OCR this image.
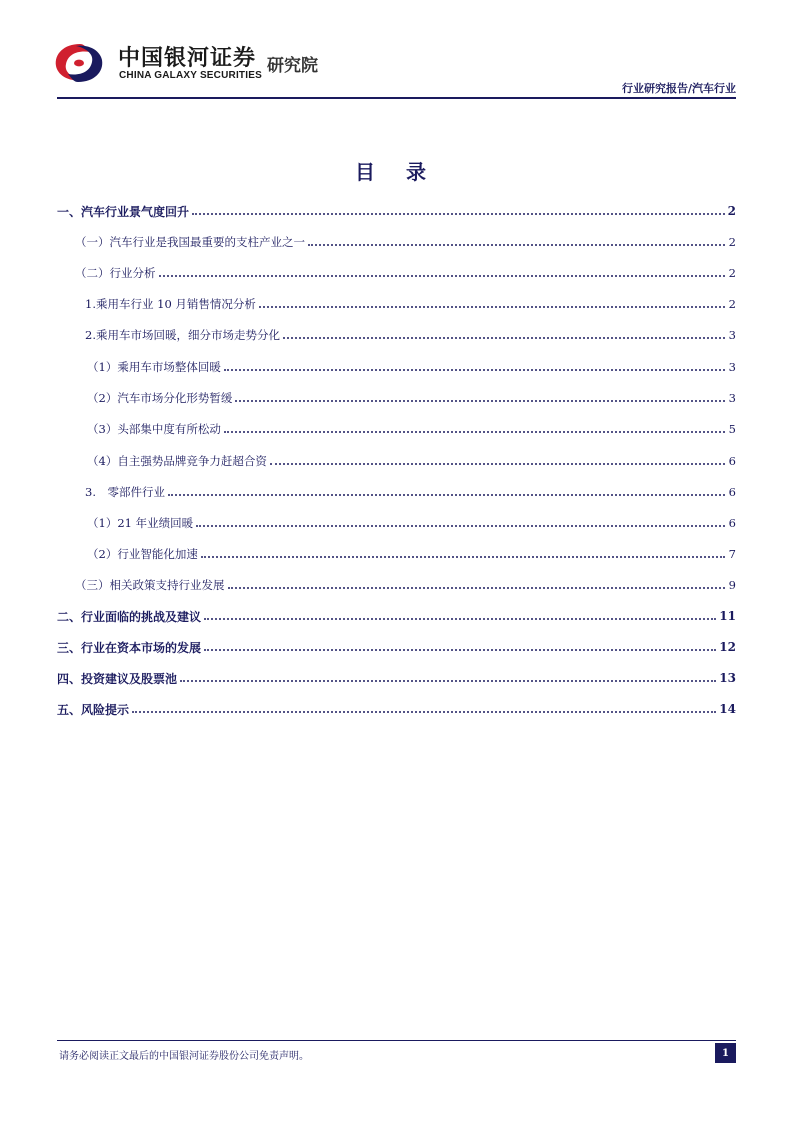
中国银河证券
CHINA GALAXY SECURITIES 研究院
行业研究报告/汽车行业
目 录
一、汽车行业景气度回升	2
（一）汽车行业是我国最重要的支柱产业之一	2
（二）行业分析	2
1.乘用车行业 10 月销售情况分析	2
2.乘用车市场回暖，细分市场走势分化	3
（1）乘用车市场整体回暖	3
（2）汽车市场分化形势暂缓	3
（3）头部集中度有所松动	5
（4）自主强势品牌竞争力赶超合资	6
3.　零部件行业	6
（1）21 年业绩回暖	6
（2）行业智能化加速	7
（三）相关政策支持行业发展	9
二、行业面临的挑战及建议	11
三、行业在资本市场的发展	12
四、投资建议及股票池	13
五、风险提示	14
请务必阅读正文最后的中国银河证券股份公司免责声明。	1
